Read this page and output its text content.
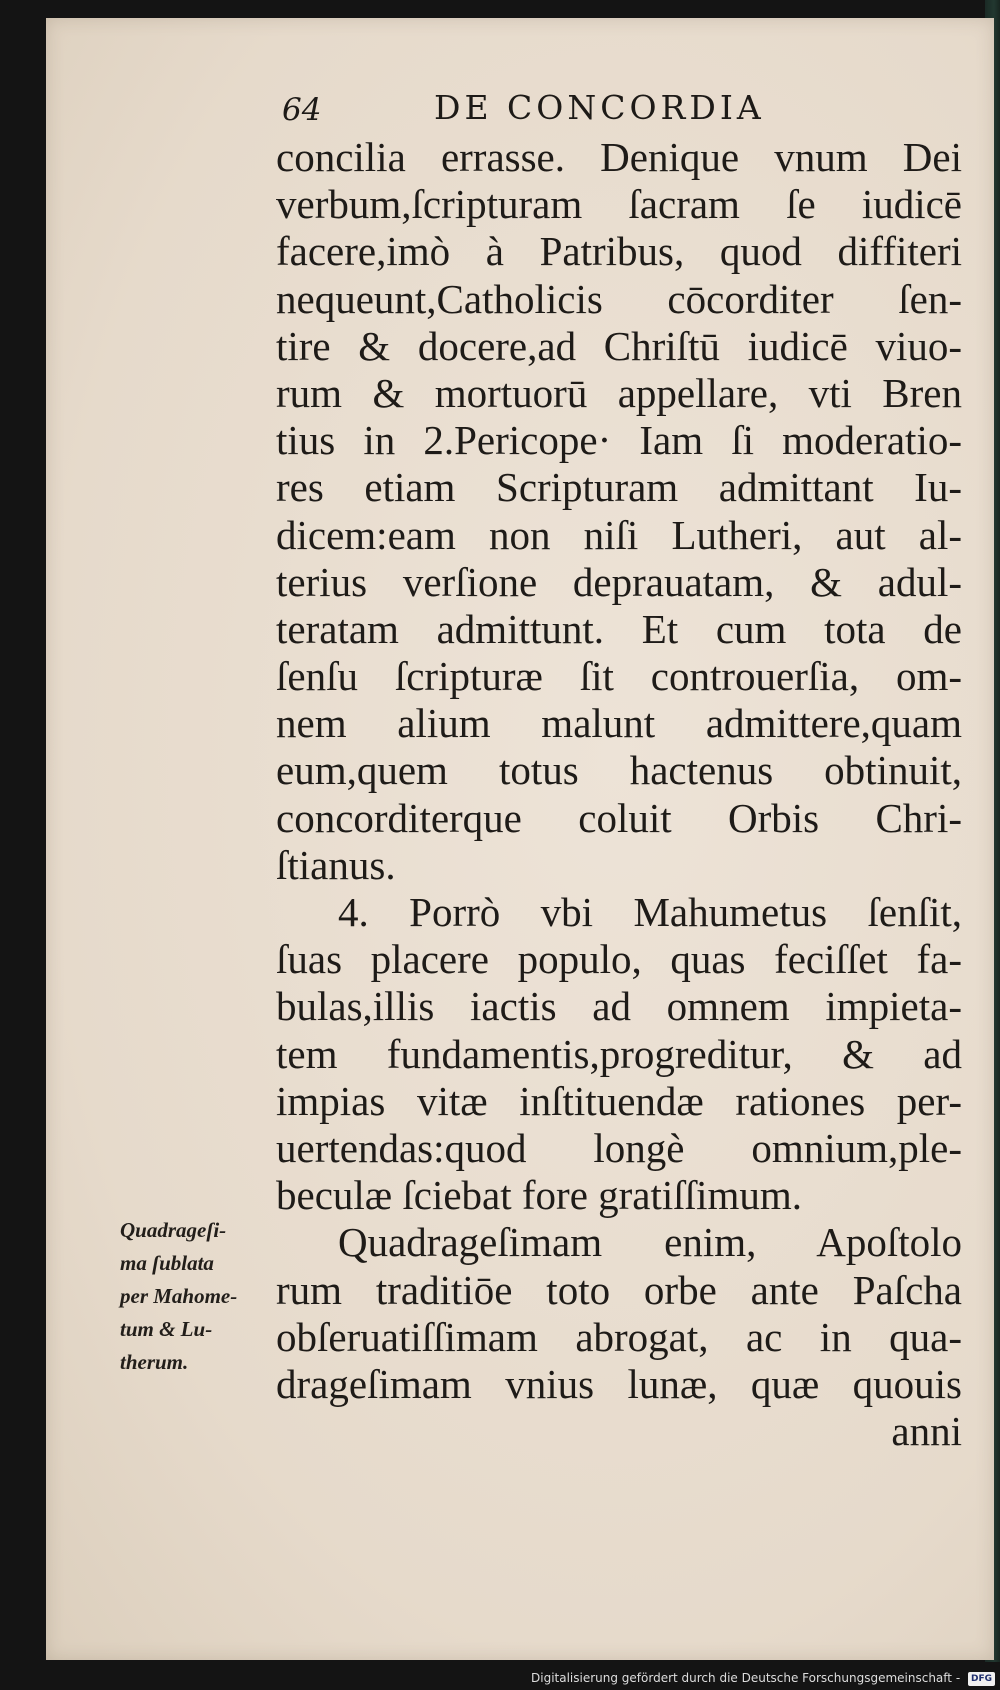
64	DE CONCORDIA
concilia errasse. Denique vnum Dei
verbum,ſcripturam ſacram ſe iudicē
facere,imò à Patribus, quod diffiteri
nequeunt,Catholicis cōcorditer ſen-
tire & docere,ad Chriſtū iudicē viuo-
rum & mortuorū appellare, vti Bren
tius in 2.Pericope· Iam ſi moderatio-
res etiam Scripturam admittant Iu-
dicem:eam non niſi Lutheri, aut al-
terius verſione deprauatam, & adul-
teratam admittunt. Et cum tota de
ſenſu ſcripturæ ſit controuerſia, om-
nem alium malunt admittere,quam
eum,quem totus hactenus obtinuit,
concorditerque coluit Orbis Chri-
ſtianus.
4. Porrò vbi Mahumetus ſenſit,
ſuas placere populo, quas feciſſet fa-
bulas,illis iactis ad omnem impieta-
tem fundamentis,progreditur, & ad
impias vitæ inſtituendæ rationes per-
uertendas:quod longè omnium,ple-
beculæ ſciebat fore gratiſſimum.
Quadrageſimam enim, Apoſtolo
rum traditiōe toto orbe ante Paſcha
obſeruatiſſimam abrogat, ac in qua-
drageſimam vnius lunæ, quæ quouis
anni
Quadrageſi-
ma ſublata
per Mahome-
tum & Lu-
therum.
Digitalisierung gefördert durch die Deutsche Forschungsgemeinschaft - DFG
